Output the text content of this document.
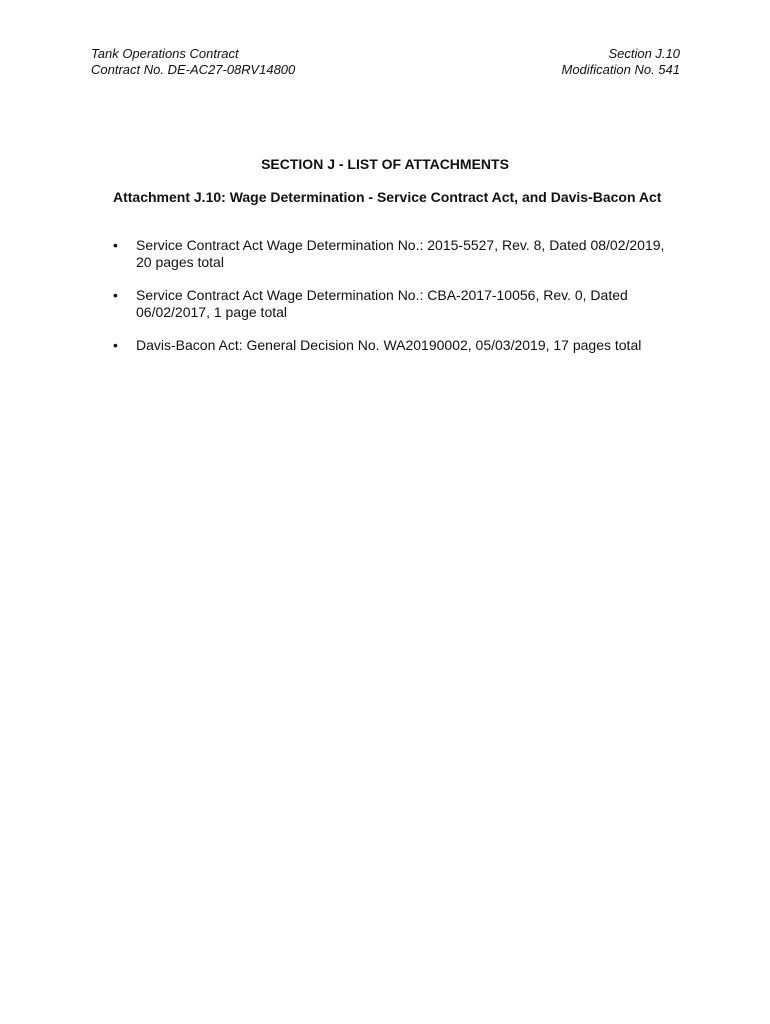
Tank Operations Contract
Contract No. DE-AC27-08RV14800
Section J.10
Modification No. 541
SECTION J - LIST OF ATTACHMENTS
Attachment J.10: Wage Determination - Service Contract Act, and Davis-Bacon Act
• Service Contract Act Wage Determination No.: 2015-5527, Rev. 8, Dated 08/02/2019,
20 pages total
• Service Contract Act Wage Determination No.: CBA-2017-10056, Rev. 0, Dated
06/02/2017, 1 page total
• Davis-Bacon Act: General Decision No. WA20190002, 05/03/2019, 17 pages total
